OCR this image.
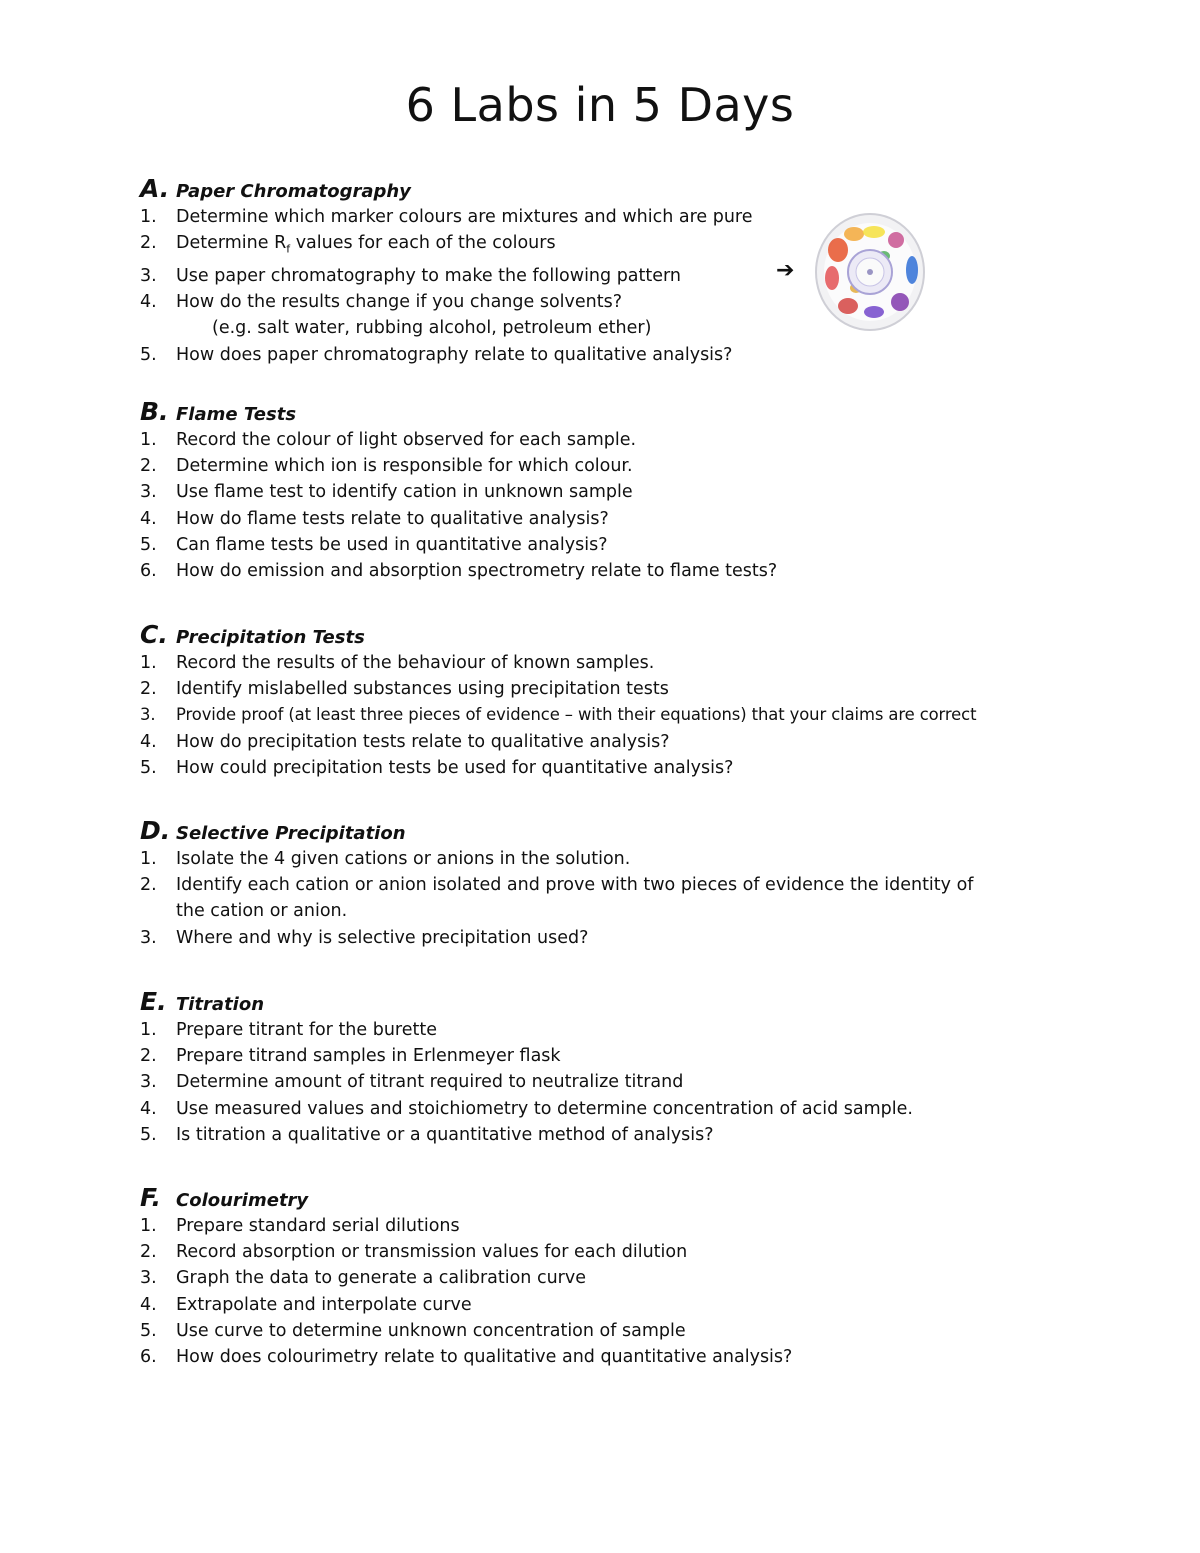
6 Labs in 5 Days
A. Paper Chromatography
1. Determine which marker colours are mixtures and which are pure
2. Determine $R_f$ values for each of the colours
3. Use paper chromatography to make the following pattern
4. How do the results change if you change solvents?
(e.g. salt water, rubbing alcohol, petroleum ether)
5. How does paper chromatography relate to qualitative analysis?
➔
B. Flame Tests
1. Record the colour of light observed for each sample.
2. Determine which ion is responsible for which colour.
3. Use flame test to identify cation in unknown sample
4. How do flame tests relate to qualitative analysis?
5. Can flame tests be used in quantitative analysis?
6. How do emission and absorption spectrometry relate to flame tests?
C. Precipitation Tests
1. Record the results of the behaviour of known samples.
2. Identify mislabelled substances using precipitation tests
3. Provide proof (at least three pieces of evidence – with their equations) that your claims are correct
4. How do precipitation tests relate to qualitative analysis?
5. How could precipitation tests be used for quantitative analysis?
D. Selective Precipitation
1. Isolate the 4 given cations or anions in the solution.
2. Identify each cation or anion isolated and prove with two pieces of evidence the identity of the cation or anion.
3. Where and why is selective precipitation used?
E. Titration
1. Prepare titrant for the burette
2. Prepare titrand samples in Erlenmeyer flask
3. Determine amount of titrant required to neutralize titrand
4. Use measured values and stoichiometry to determine concentration of acid sample.
5. Is titration a qualitative or a quantitative method of analysis?
F. Colourimetry
1. Prepare standard serial dilutions
2. Record absorption or transmission values for each dilution
3. Graph the data to generate a calibration curve
4. Extrapolate and interpolate curve
5. Use curve to determine unknown concentration of sample
6. How does colourimetry relate to qualitative and quantitative analysis?
